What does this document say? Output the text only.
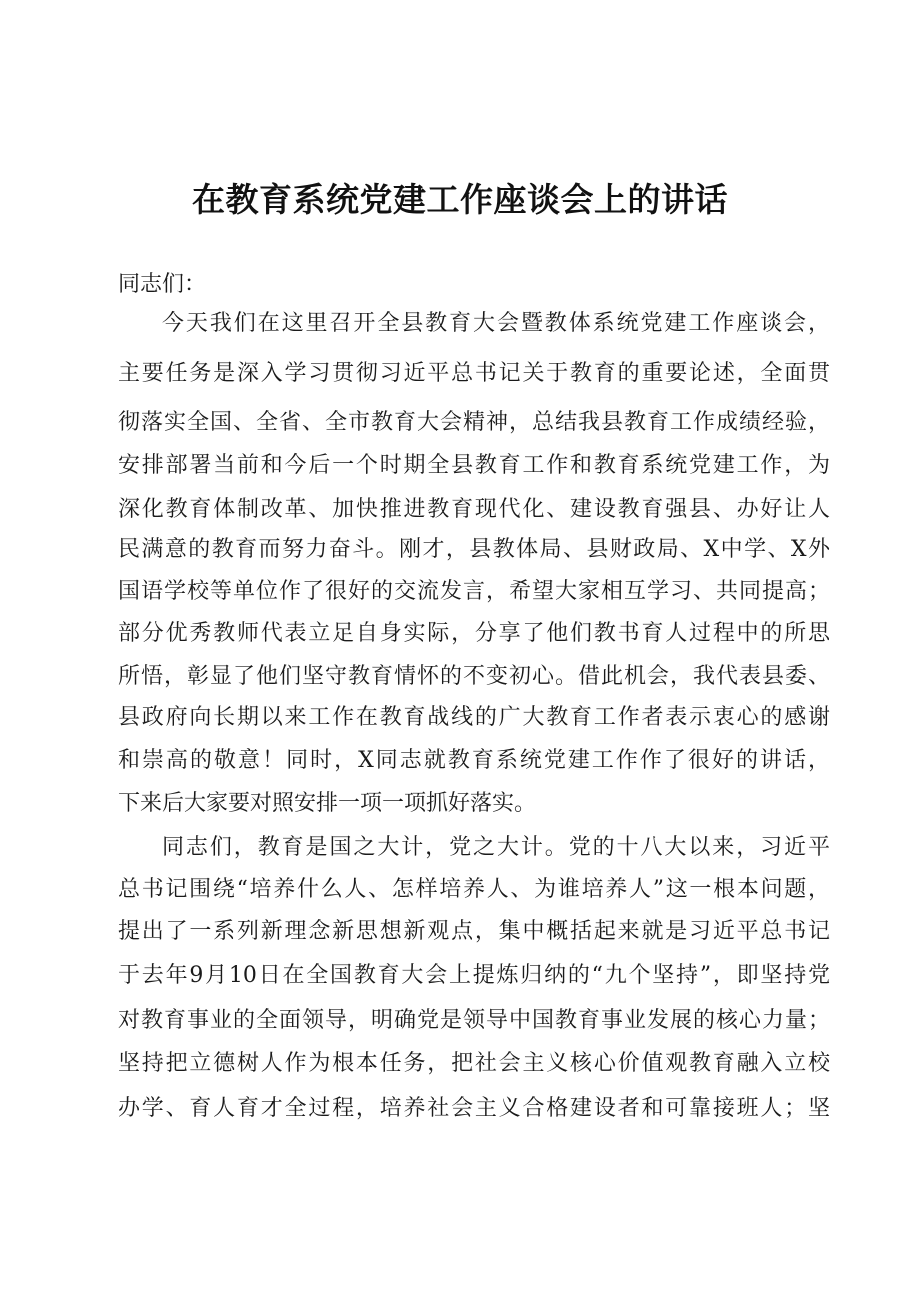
在教育系统党建工作座谈会上的讲话
同志们：
今天我们在这里召开全县教育大会暨教体系统党建工作座谈会，
主要任务是深入学习贯彻习近平总书记关于教育的重要论述，全面贯
彻落实全国、全省、全市教育大会精神，总结我县教育工作成绩经验，
安排部署当前和今后一个时期全县教育工作和教育系统党建工作，为
深化教育体制改革、加快推进教育现代化、建设教育强县、办好让人
民满意的教育而努力奋斗。刚才，县教体局、县财政局、X中学、X外
国语学校等单位作了很好的交流发言，希望大家相互学习、共同提高；
部分优秀教师代表立足自身实际，分享了他们教书育人过程中的所思
所悟，彰显了他们坚守教育情怀的不变初心。借此机会，我代表县委、
县政府向长期以来工作在教育战线的广大教育工作者表示衷心的感谢
和崇高的敬意！同时，X同志就教育系统党建工作作了很好的讲话，
下来后大家要对照安排一项一项抓好落实。
同志们，教育是国之大计，党之大计。党的十八大以来，习近平
总书记围绕“培养什么人、怎样培养人、为谁培养人”这一根本问题，
提出了一系列新理念新思想新观点，集中概括起来就是习近平总书记
于去年9月10日在全国教育大会上提炼归纳的“九个坚持”，即坚持党
对教育事业的全面领导，明确党是领导中国教育事业发展的核心力量；
坚持把立德树人作为根本任务，把社会主义核心价值观教育融入立校
办学、育人育才全过程，培养社会主义合格建设者和可靠接班人；坚
